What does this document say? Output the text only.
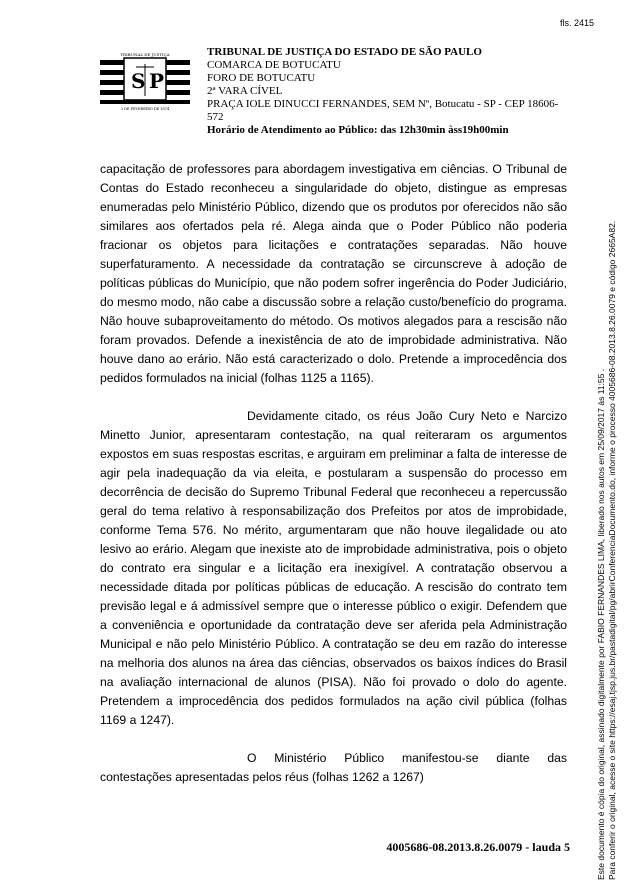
fls. 2415
S P
TRIBUNAL DE JUSTIÇA
3 DE FEVEREIRO DE 1874
TRIBUNAL DE JUSTIÇA DO ESTADO DE SÃO PAULO
COMARCA DE BOTUCATU
FORO DE BOTUCATU
2ª VARA CÍVEL
PRAÇA IOLE DINUCCI FERNANDES, SEM Nº, Botucatu - SP - CEP 18606-572
Horário de Atendimento ao Público: das 12h30min àss19h00min

capacitação de professores para abordagem investigativa em ciências. O Tribunal de Contas do Estado reconheceu a singularidade do objeto, distingue as empresas enumeradas pelo Ministério Público, dizendo que os produtos por oferecidos não são similares aos ofertados pela ré. Alega ainda que o Poder Público não poderia fracionar os objetos para licitações e contratações separadas. Não houve superfaturamento. A necessidade da contratação se circunscreve à adoção de políticas públicas do Município, que não podem sofrer ingerência do Poder Judiciário, do mesmo modo, não cabe a discussão sobre a relação custo/benefício do programa. Não houve subaproveitamento do método. Os motivos alegados para a rescisão não foram provados. Defende a inexistência de ato de improbidade administrativa. Não houve dano ao erário. Não está caracterizado o dolo. Pretende a improcedência dos pedidos formulados na inicial (folhas 1125 a 1165).

Devidamente citado, os réus João Cury Neto e Narcizo Minetto Junior, apresentaram contestação, na qual reiteraram os argumentos expostos em suas respostas escritas, e arguiram em preliminar a falta de interesse de agir pela inadequação da via eleita, e postularam a suspensão do processo em decorrência de decisão do Supremo Tribunal Federal que reconheceu a repercussão geral do tema relativo à responsabilização dos Prefeitos por atos de improbidade, conforme Tema 576. No mérito, argumentaram que não houve ilegalidade ou ato lesivo ao erário. Alegam que inexiste ato de improbidade administrativa, pois o objeto do contrato era singular e a licitação era inexigível. A contratação observou a necessidade ditada por políticas públicas de educação. A rescisão do contrato tem previsão legal e á admissível sempre que o interesse público o exigir. Defendem que a conveniência e oportunidade da contratação deve ser aferida pela Administração Municipal e não pelo Ministério Público. A contratação se deu em razão do interesse na melhoria dos alunos na área das ciências, observados os baixos índices do Brasil na avaliação internacional de alunos (PISA). Não foi provado o dolo do agente. Pretendem a improcedência dos pedidos formulados na ação civil pública (folhas 1169 a 1247).

O Ministério Público manifestou-se diante das contestações apresentadas pelos réus (folhas 1262 a 1267)

4005686-08.2013.8.26.0079 - lauda 5	Este documento é cópia do original, assinado digitalmente por FABIO FERNANDES LIMA, liberado nos autos em 25/09/2017 às 11:55 . Para conferir o original, acesse o site https://esaj.tjsp.jus.br/pastadigital/pg/abrirConferenciaDocumento.do, informe o processo 4005686-08.2013.8.26.0079 e código 2665A82.
